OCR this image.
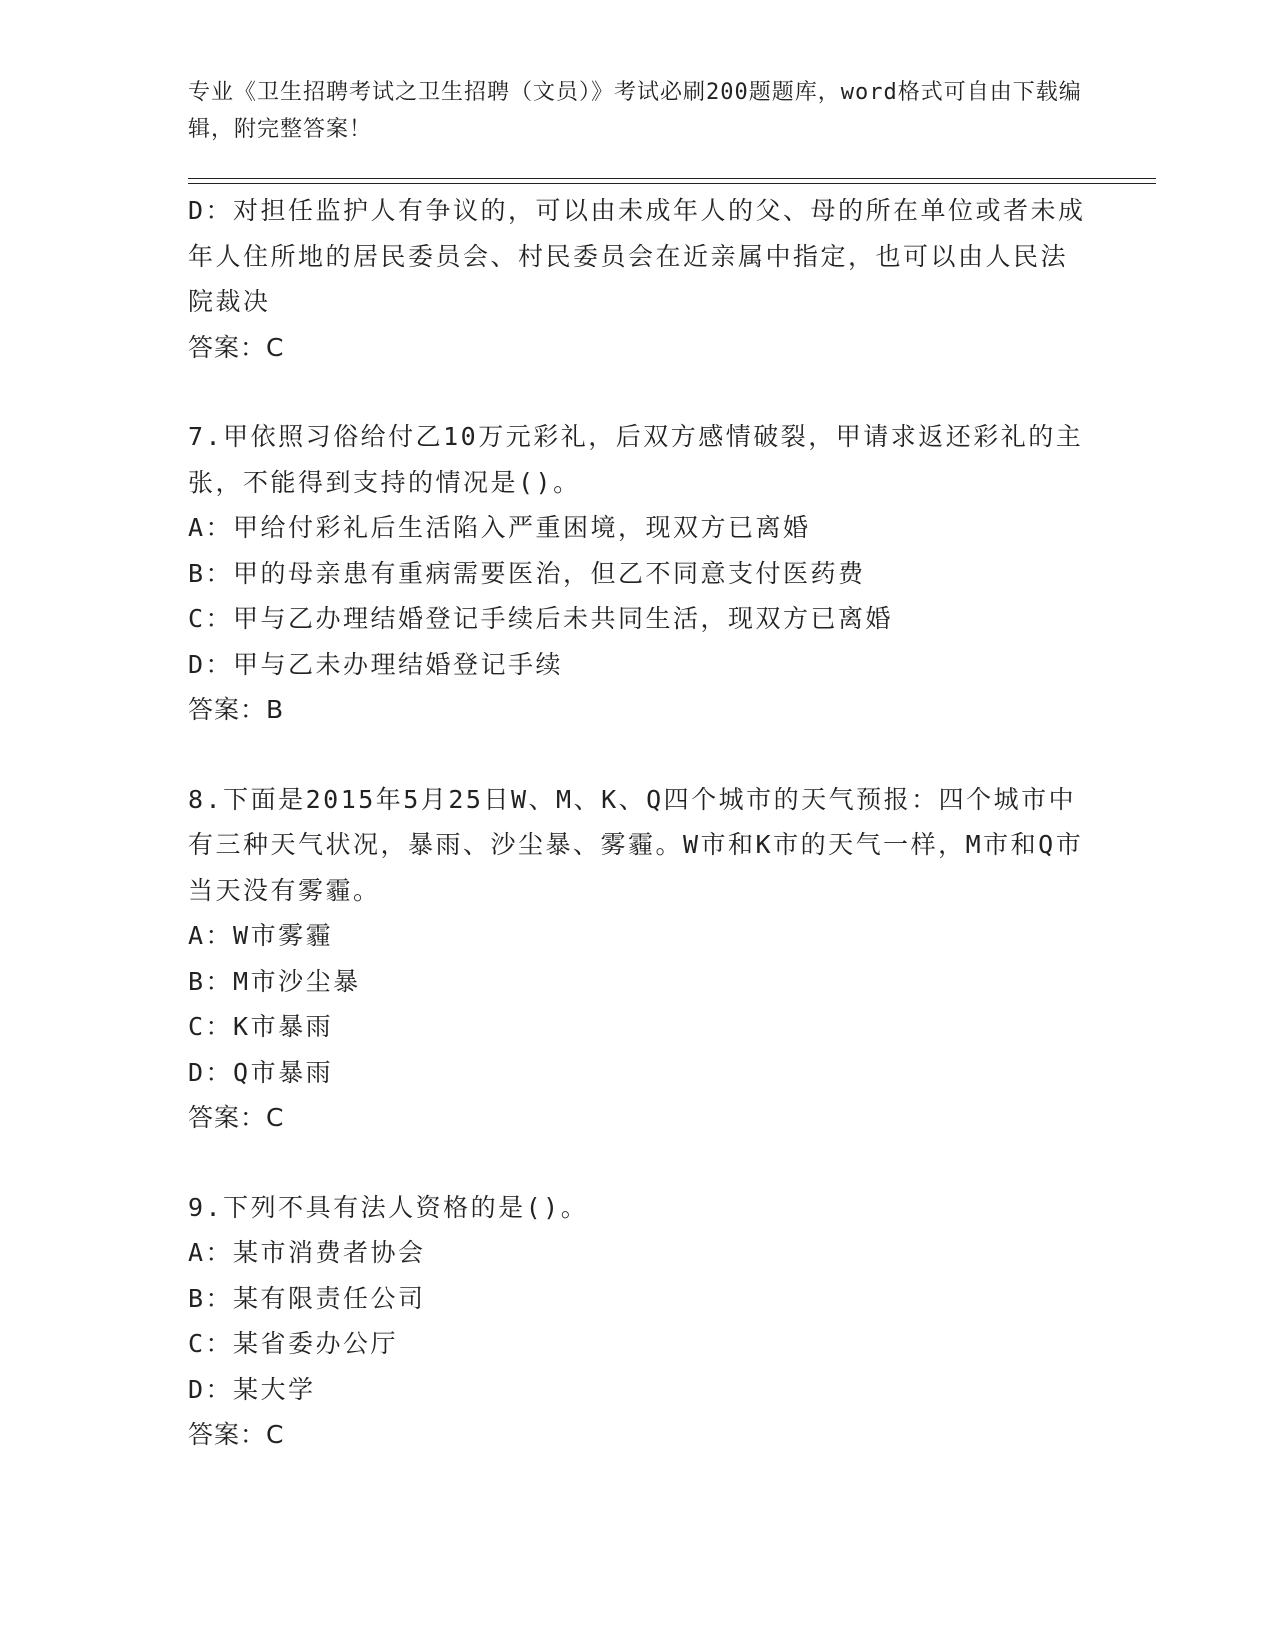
专业《卫生招聘考试之卫生招聘（文员）》考试必刷200题题库，word格式可自由下载编辑，附完整答案！
D：对担任监护人有争议的，可以由未成年人的父、母的所在单位或者未成年人住所地的居民委员会、村民委员会在近亲属中指定，也可以由人民法院裁决
答案：C
7.甲依照习俗给付乙10万元彩礼，后双方感情破裂，甲请求返还彩礼的主张，不能得到支持的情况是()。
A：甲给付彩礼后生活陷入严重困境，现双方已离婚
B：甲的母亲患有重病需要医治，但乙不同意支付医药费
C：甲与乙办理结婚登记手续后未共同生活，现双方已离婚
D：甲与乙未办理结婚登记手续
答案：B
8.下面是2015年5月25日W、M、K、Q四个城市的天气预报：四个城市中有三种天气状况，暴雨、沙尘暴、雾霾。W市和K市的天气一样，M市和Q市当天没有雾霾。
A：W市雾霾
B：M市沙尘暴
C：K市暴雨
D：Q市暴雨
答案：C
9.下列不具有法人资格的是()。
A：某市消费者协会
B：某有限责任公司
C：某省委办公厅
D：某大学
答案：C
